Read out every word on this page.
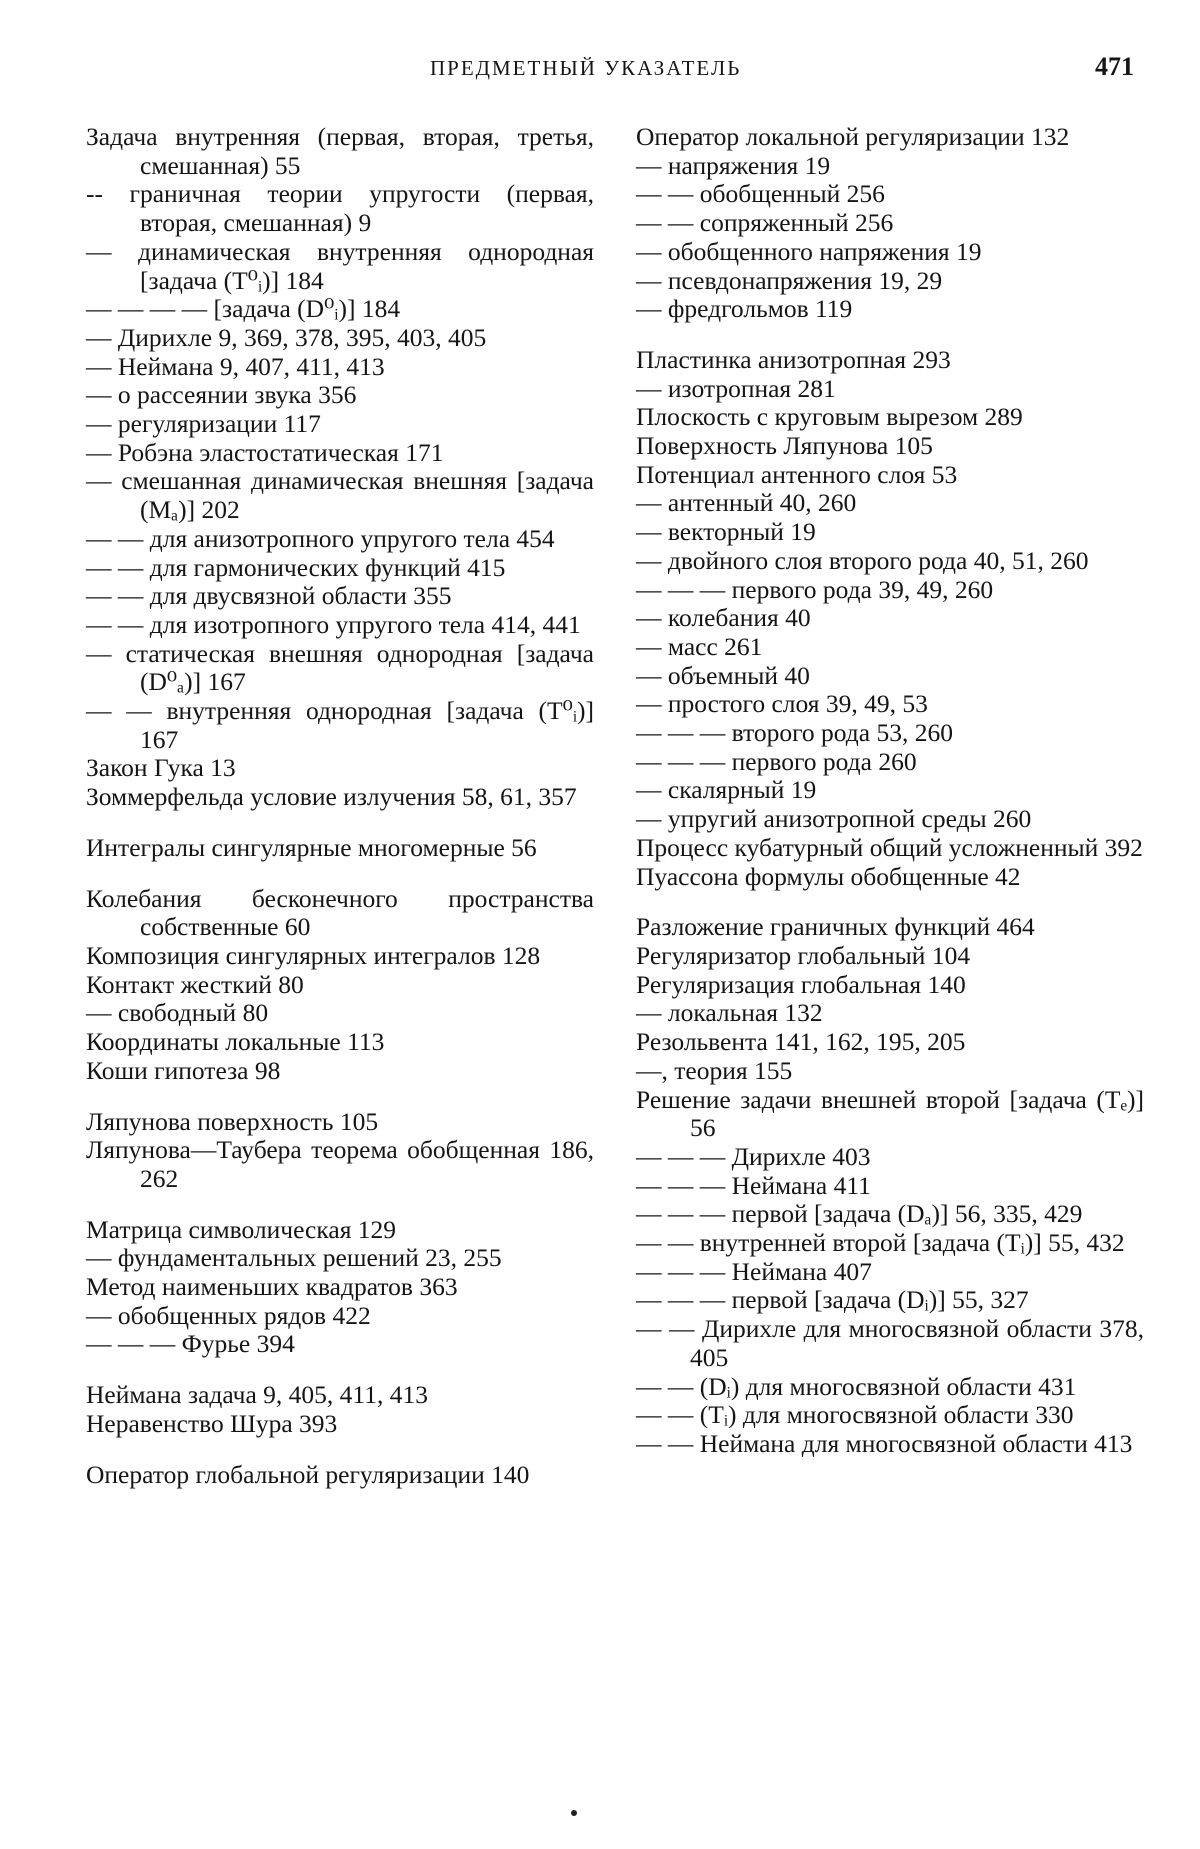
ПРЕДМЕТНЫЙ УКАЗАТЕЛЬ	471
Задача внутренняя (первая, вторая, третья, смешанная) 55
-- граничная теории упругости (первая, вторая, смешанная) 9
— динамическая внутренняя однородная [задача (T⁰ᵢ)] 184
— — — — [задача (D⁰ᵢ)] 184
— Дирихле 9, 369, 378, 395, 403, 405
— Неймана 9, 407, 411, 413
— о рассеянии звука 356
— регуляризации 117
— Робэна эластостатическая 171
— смешанная динамическая внешняя [задача (Mₐ)] 202
— — для анизотропного упругого тела 454
— — для гармонических функций 415
— — для двусвязной области 355
— — для изотропного упругого тела 414, 441
— статическая внешняя однородная [задача (D⁰ₐ)] 167
— — внутренняя однородная [задача (T⁰ᵢ)] 167
Закон Гука 13
Зоммерфельда условие излучения 58, 61, 357
Интегралы сингулярные многомерные 56
Колебания бесконечного пространства собственные 60
Композиция сингулярных интегралов 128
Контакт жесткий 80
— свободный 80
Координаты локальные 113
Коши гипотеза 98
Ляпунова поверхность 105
Ляпунова—Таубера теорема обобщенная 186, 262
Матрица символическая 129
— фундаментальных решений 23, 255
Метод наименьших квадратов 363
— обобщенных рядов 422
— — — Фурье 394
Неймана задача 9, 405, 411, 413
Неравенство Шура 393
Оператор глобальной регуляризации 140
Оператор локальной регуляризации 132
— напряжения 19
— — обобщенный 256
— — сопряженный 256
— обобщенного напряжения 19
— псевдонапряжения 19, 29
— фредгольмов 119
Пластинка анизотропная 293
— изотропная 281
Плоскость с круговым вырезом 289
Поверхность Ляпунова 105
Потенциал антенного слоя 53
— антенный 40, 260
— векторный 19
— двойного слоя второго рода 40, 51, 260
— — — первого рода 39, 49, 260
— колебания 40
— масс 261
— объемный 40
— простого слоя 39, 49, 53
— — — второго рода 53, 260
— — — первого рода 260
— скалярный 19
— упругий анизотропной среды 260
Процесс кубатурный общий усложненный 392
Пуассона формулы обобщенные 42
Разложение граничных функций 464
Регуляризатор глобальный 104
Регуляризация глобальная 140
— локальная 132
Резольвента 141, 162, 195, 205
—, теория 155
Решение задачи внешней второй [задача (Tₑ)] 56
— — — Дирихле 403
— — — Неймана 411
— — — первой [задача (Dₐ)] 56, 335, 429
— — внутренней второй [задача (Tᵢ)] 55, 432
— — — Неймана 407
— — — первой [задача (Dᵢ)] 55, 327
— — Дирихле для многосвязной области 378, 405
— — (Dᵢ) для многосвязной области 431
— — (Tᵢ) для многосвязной области 330
— — Неймана для многосвязной области 413
